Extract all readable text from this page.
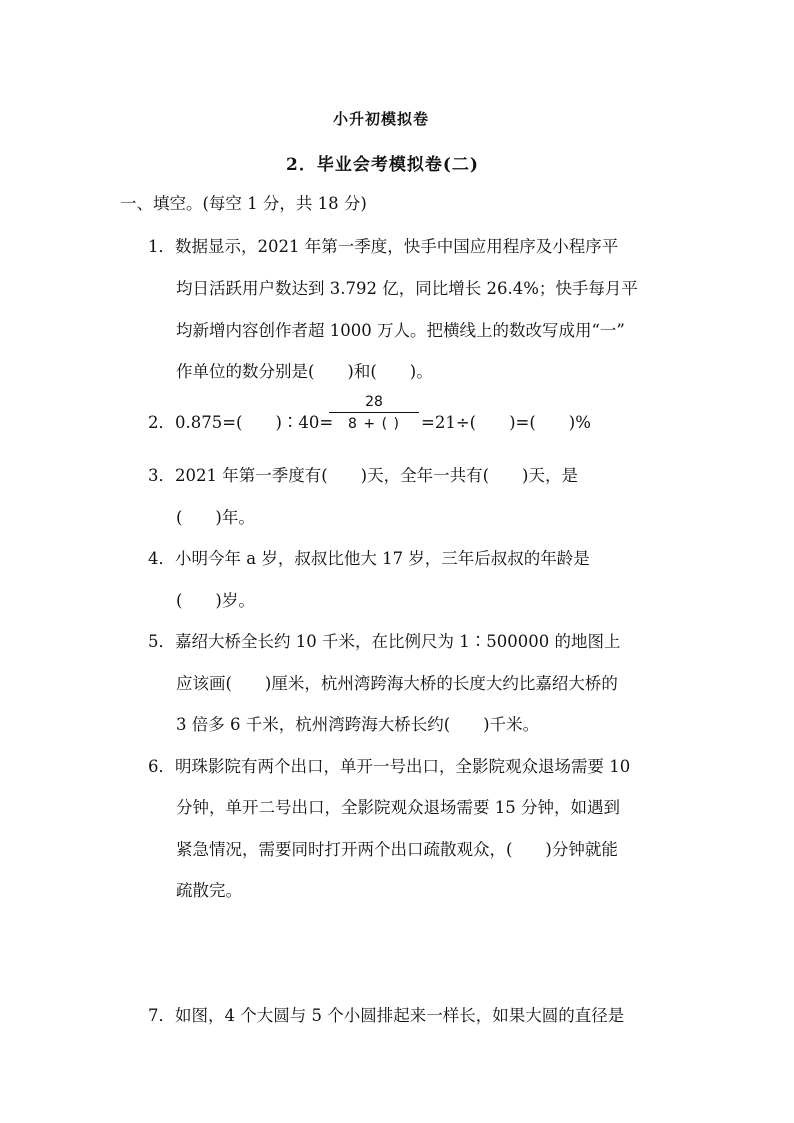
小升初模拟卷
2．毕业会考模拟卷(二)
一、填空。(每空 1 分，共 18 分)
1．数据显示，2021 年第一季度，快手中国应用程序及小程序平
均日活跃用户数达到 3.792 亿，同比增长 26.4%；快手每月平
均新增内容创作者超 1000 万人。把横线上的数改写成用“一”
作单位的数分别是(　　)和(　　)。
2．0.875=(　　)∶40=
28
8 + ( )	=21÷(　　)=(　　)%
3．2021 年第一季度有(　　)天，全年一共有(　　)天，是
(　　)年。
4．小明今年 a 岁，叔叔比他大 17 岁，三年后叔叔的年龄是
(　　)岁。
5．嘉绍大桥全长约 10 千米，在比例尺为 1∶500000 的地图上
应该画(　　)厘米，杭州湾跨海大桥的长度大约比嘉绍大桥的
3 倍多 6 千米，杭州湾跨海大桥长约(　　)千米。
6．明珠影院有两个出口，单开一号出口，全影院观众退场需要 10
分钟，单开二号出口，全影院观众退场需要 15 分钟，如遇到
紧急情况，需要同时打开两个出口疏散观众，(　　)分钟就能
疏散完。
7．如图，4 个大圆与 5 个小圆排起来一样长，如果大圆的直径是
